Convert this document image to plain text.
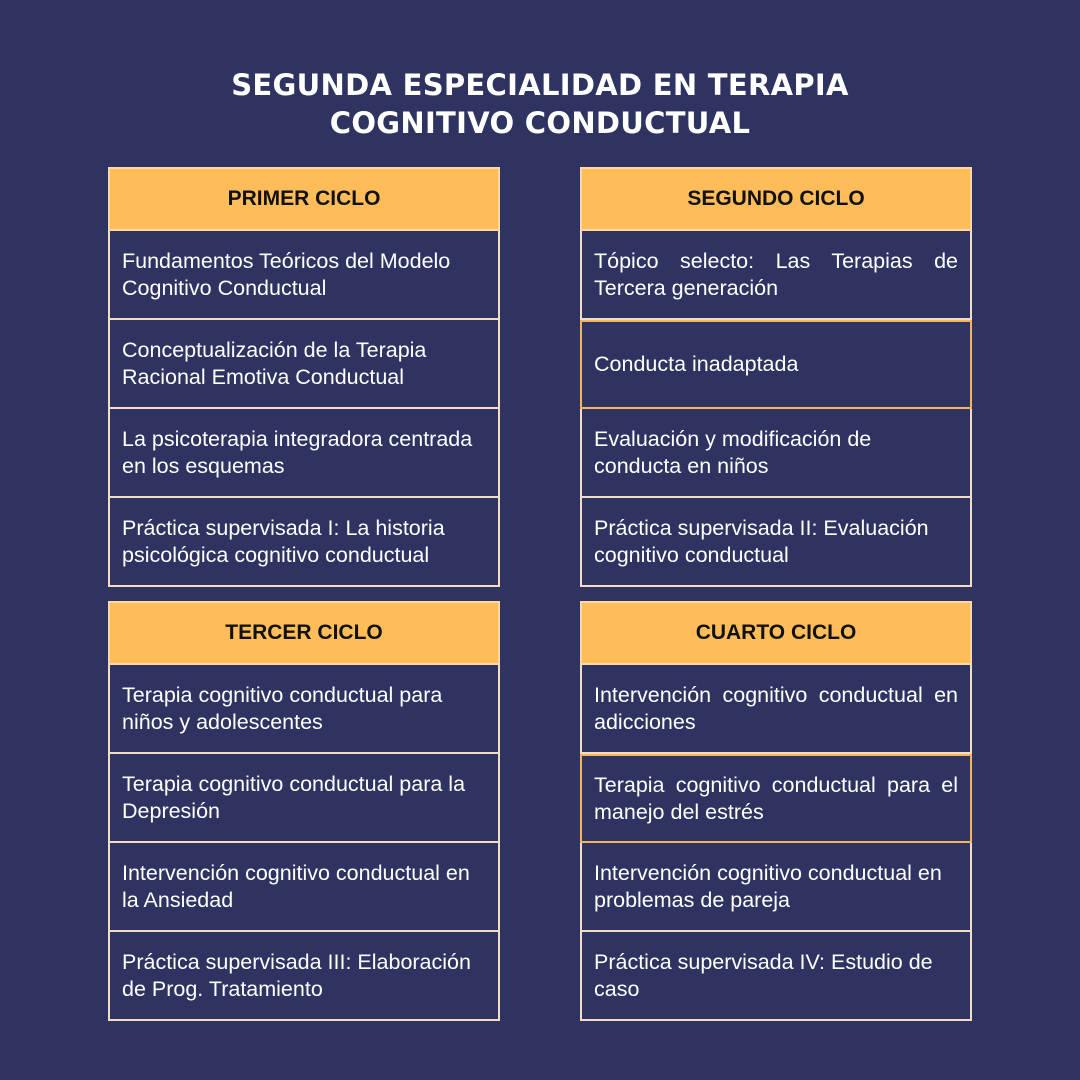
SEGUNDA ESPECIALIDAD EN TERAPIA
COGNITIVO CONDUCTUAL
PRIMER CICLO
Fundamentos Teóricos del Modelo Cognitivo Conductual
Conceptualización de la Terapia Racional Emotiva Conductual
La psicoterapia integradora centrada en los esquemas
Práctica supervisada I: La historia psicológica cognitivo conductual
SEGUNDO CICLO
Tópico selecto: Las Terapias de Tercera generación
Conducta inadaptada
Evaluación y modificación de conducta en niños
Práctica supervisada II: Evaluación cognitivo conductual
TERCER CICLO
Terapia cognitivo conductual para niños y adolescentes
Terapia cognitivo conductual para la Depresión
Intervención cognitivo conductual en la Ansiedad
Práctica supervisada III: Elaboración de Prog. Tratamiento
CUARTO CICLO
Intervención cognitivo conductual en adicciones
Terapia cognitivo conductual para el manejo del estrés
Intervención cognitivo conductual en problemas de pareja
Práctica supervisada IV: Estudio de caso
